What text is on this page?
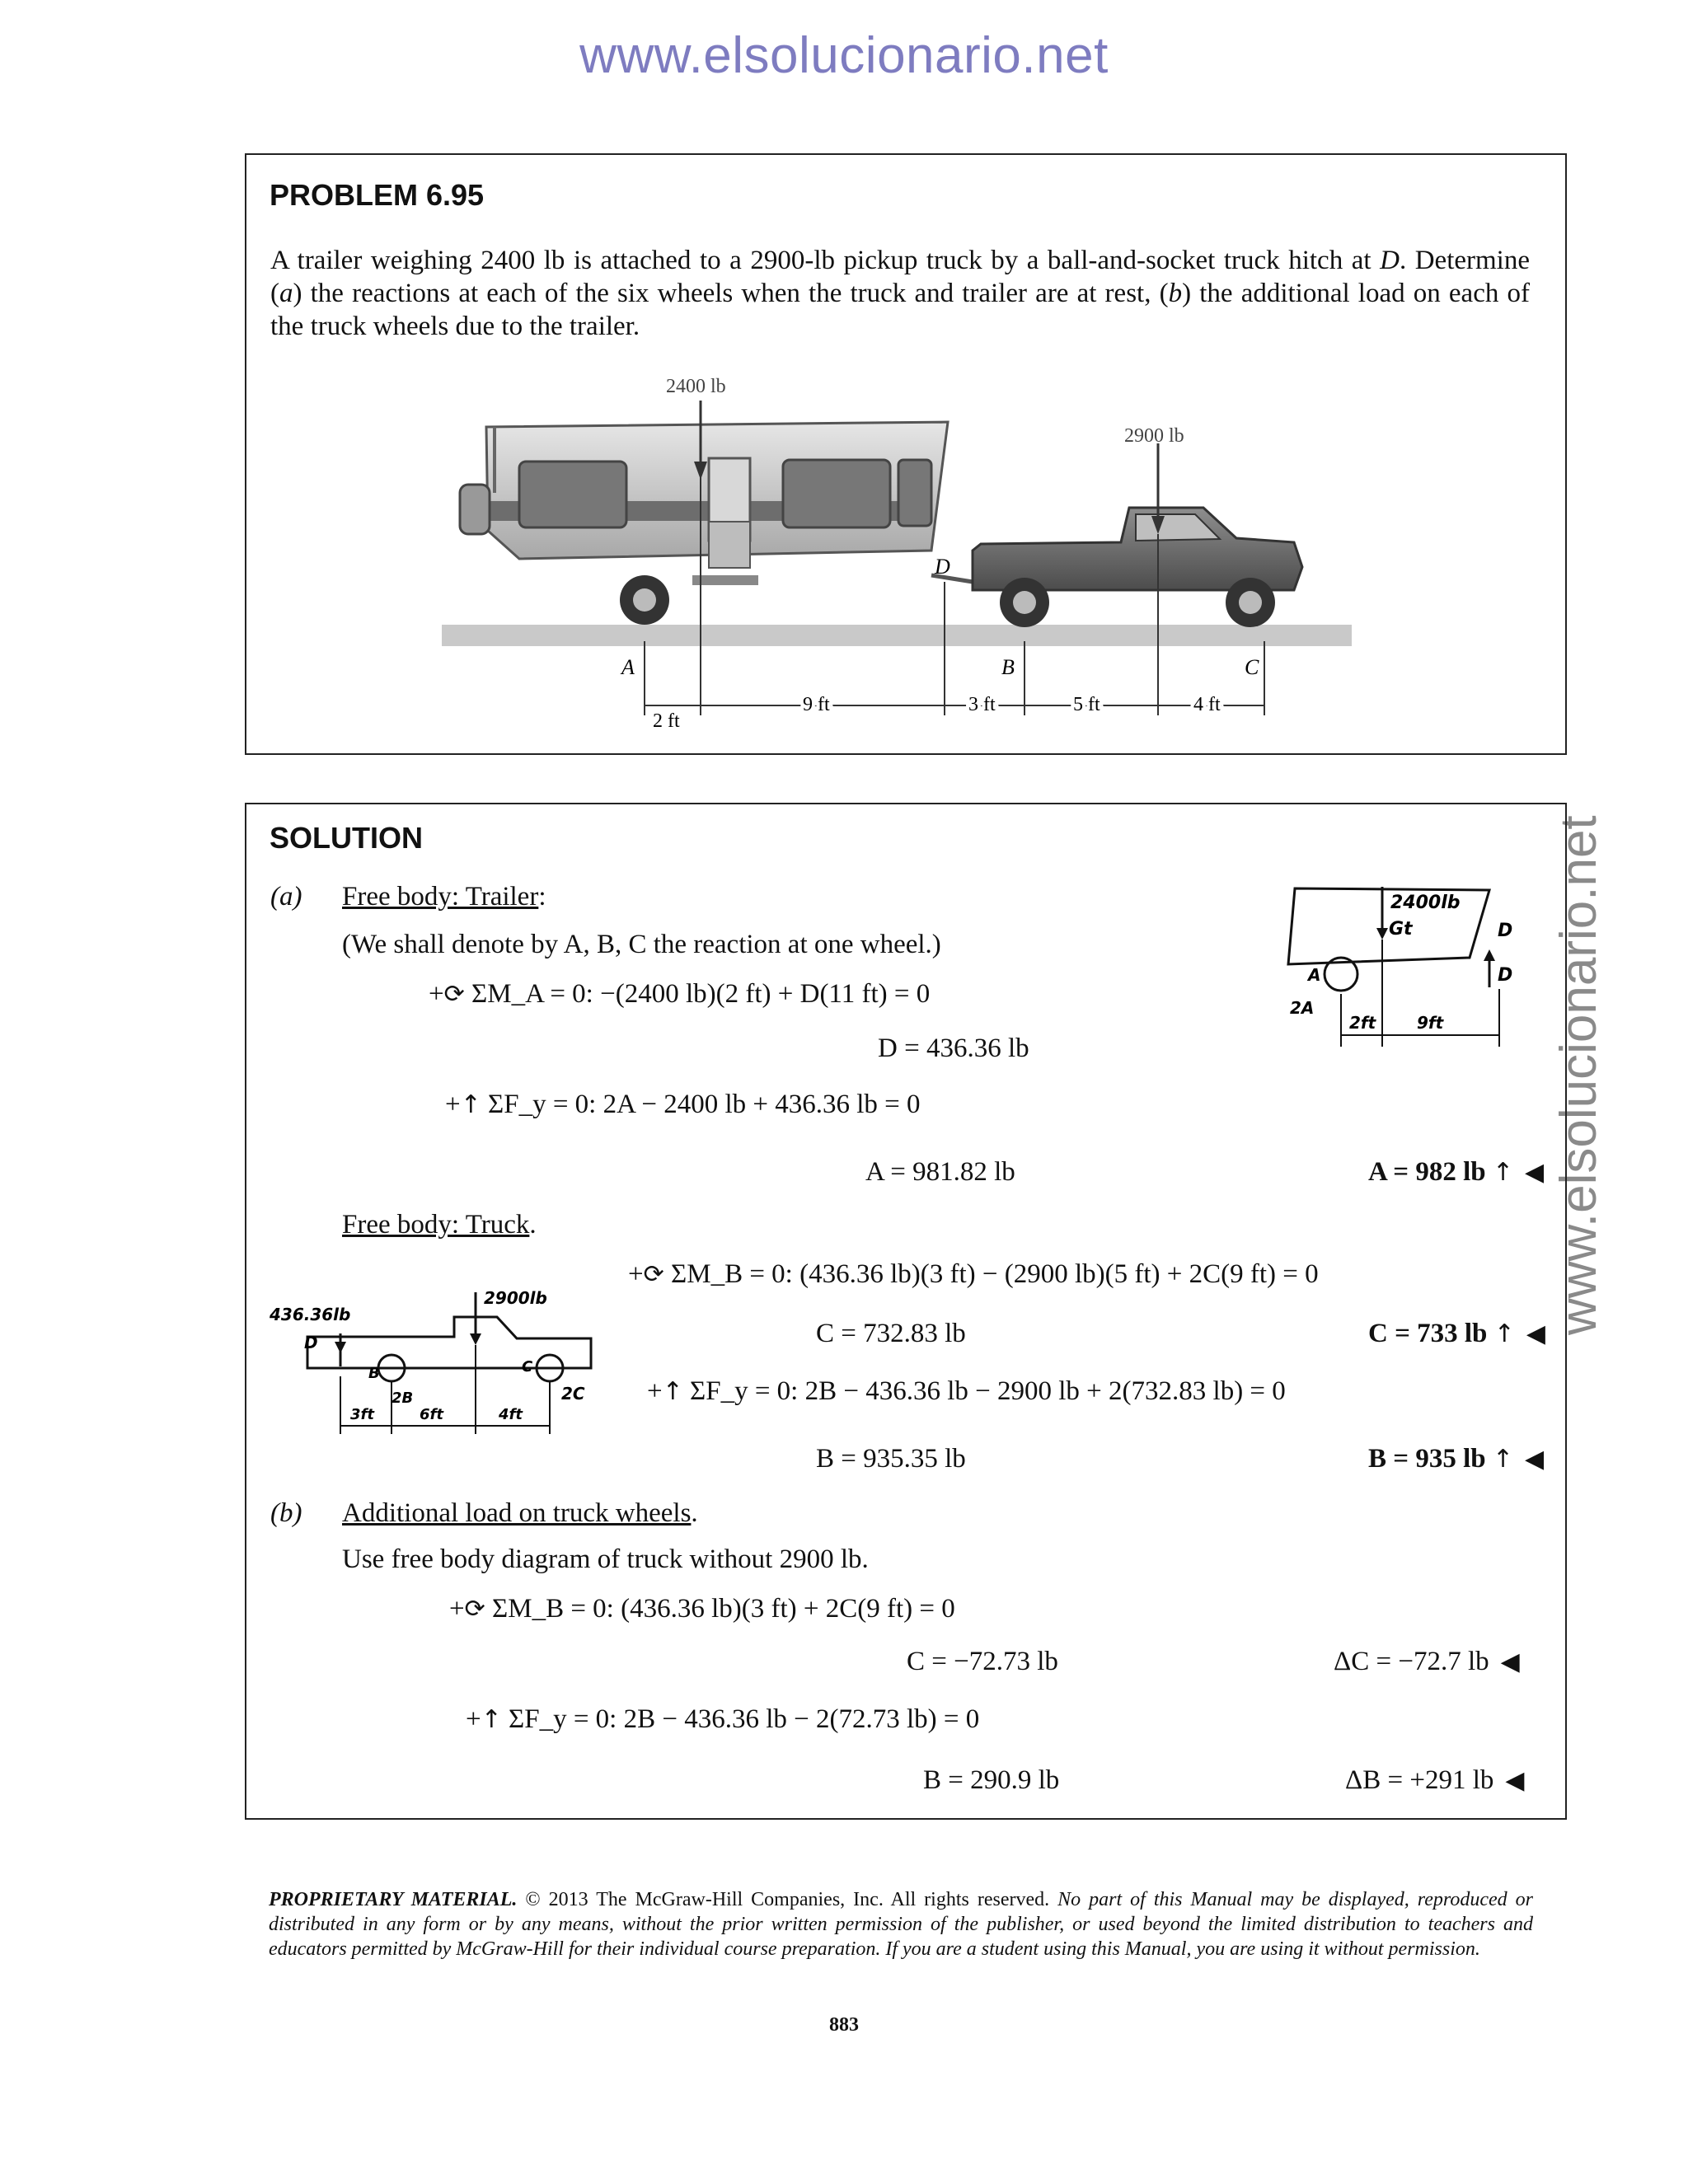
www.elsolucionario.net
www.elsolucionario.net
PROBLEM 6.95
A trailer weighing 2400 lb is attached to a 2900-lb pickup truck by a ball-and-socket truck hitch at D. Determine (a) the reactions at each of the six wheels when the truck and trailer are at rest, (b) the additional load on each of the truck wheels due to the trailer.
2400 lb
2900 lb
D
A	B	C
2 ft
9 ft	3 ft	5 ft	4 ft
SOLUTION
(a) Free body: Trailer:
(We shall denote by A, B, C the reaction at one wheel.)
+⟳ ΣM_A = 0: −(2400 lb)(2 ft) + D(11 ft) = 0
D = 436.36 lb
+↑ ΣF_y = 0: 2A − 2400 lb + 436.36 lb = 0
A = 981.82 lb	A = 982 lb ↑ ◀
Free body: Truck.
+⟳ ΣM_B = 0: (436.36 lb)(3 ft) − (2900 lb)(5 ft) + 2C(9 ft) = 0
C = 732.83 lb	C = 733 lb ↑ ◀
+↑ ΣF_y = 0: 2B − 436.36 lb − 2900 lb + 2(732.83 lb) = 0
B = 935.35 lb	B = 935 lb ↑ ◀
(b) Additional load on truck wheels.
Use free body diagram of truck without 2900 lb.
+⟳ ΣM_B = 0: (436.36 lb)(3 ft) + 2C(9 ft) = 0
C = −72.73 lb	ΔC = −72.7 lb ◀
+↑ ΣF_y = 0: 2B − 436.36 lb − 2(72.73 lb) = 0
B = 290.9 lb	ΔB = +291 lb ◀
2400lb
Gt
A
2A
D
D
2ft 9ft
2900lb
436.36lb
D
B	C
2B	2C
3ft	6ft	4ft
PROPRIETARY MATERIAL. © 2013 The McGraw-Hill Companies, Inc. All rights reserved. No part of this Manual may be displayed, reproduced or distributed in any form or by any means, without the prior written permission of the publisher, or used beyond the limited distribution to teachers and educators permitted by McGraw-Hill for their individual course preparation. If you are a student using this Manual, you are using it without permission.
883
